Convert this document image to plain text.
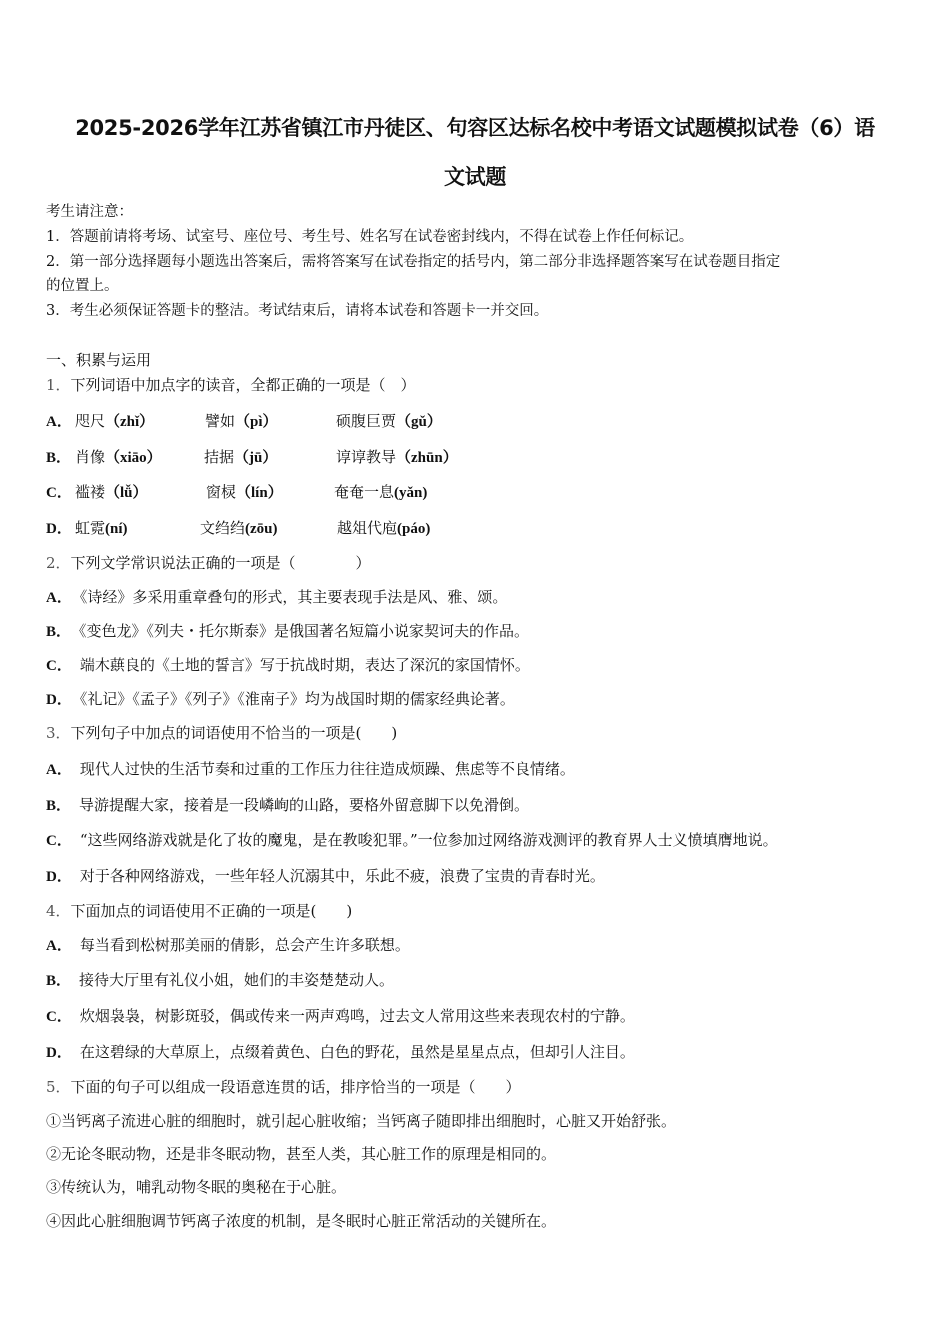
2025-2026学年江苏省镇江市丹徒区、句容区达标名校中考语文试题模拟试卷（6）语
文试题
考生请注意：
1．答题前请将考场、试室号、座位号、考生号、姓名写在试卷密封线内，不得在试卷上作任何标记。
2．第一部分选择题每小题选出答案后，需将答案写在试卷指定的括号内，第二部分非选择题答案写在试卷题目指定
的位置上。
3．考生必须保证答题卡的整洁。考试结束后，请将本试卷和答题卡一并交回。
一、积累与运用
1．下列词语中加点字的读音，全都正确的一项是（　）
A． 咫尺（zhǐ）	譬如（pì）	硕腹巨贾（gǔ）
B． 肖像（xiāo）	拮据（jū）	谆谆教导（zhūn）
C． 褴褛（lǚ）	窗棂（lín）	奄奄一息(yǎn)
D． 虹霓(ní)	文绉绉(zōu)	越俎代庖(páo)
2．下列文学常识说法正确的一项是（　　　　）
A． 《诗经》多采用重章叠句的形式，其主要表现手法是风、雅、颂。
B． 《变色龙》《列夫・托尔斯泰》是俄国著名短篇小说家契诃夫的作品。
C． 端木蕻良的《土地的誓言》写于抗战时期，表达了深沉的家国情怀。
D． 《礼记》《孟子》《列子》《淮南子》均为战国时期的儒家经典论著。
3．下列句子中加点的词语使用不恰当的一项是(　　)
A． 现代人过快的生活节奏和过重的工作压力往往造成烦躁、焦虑等不良情绪。
B． 导游提醒大家，接着是一段嶙峋的山路，要格外留意脚下以免滑倒。
C． “这些网络游戏就是化了妆的魔鬼，是在教唆犯罪。”一位参加过网络游戏测评的教育界人士义愤填膺地说。
D． 对于各种网络游戏，一些年轻人沉溺其中，乐此不疲，浪费了宝贵的青春时光。
4．下面加点的词语使用不正确的一项是(　　)
A． 每当看到松树那美丽的倩影，总会产生许多联想。
B． 接待大厅里有礼仪小姐，她们的丰姿楚楚动人。
C． 炊烟袅袅，树影斑驳，偶或传来一两声鸡鸣，过去文人常用这些来表现农村的宁静。
D． 在这碧绿的大草原上，点缀着黄色、白色的野花，虽然是星星点点，但却引人注目。
5．下面的句子可以组成一段语意连贯的话，排序恰当的一项是（　　）
①当钙离子流进心脏的细胞时，就引起心脏收缩；当钙离子随即排出细胞时，心脏又开始舒张。
②无论冬眠动物，还是非冬眠动物，甚至人类，其心脏工作的原理是相同的。
③传统认为，哺乳动物冬眠的奥秘在于心脏。
④因此心脏细胞调节钙离子浓度的机制，是冬眠时心脏正常活动的关键所在。
